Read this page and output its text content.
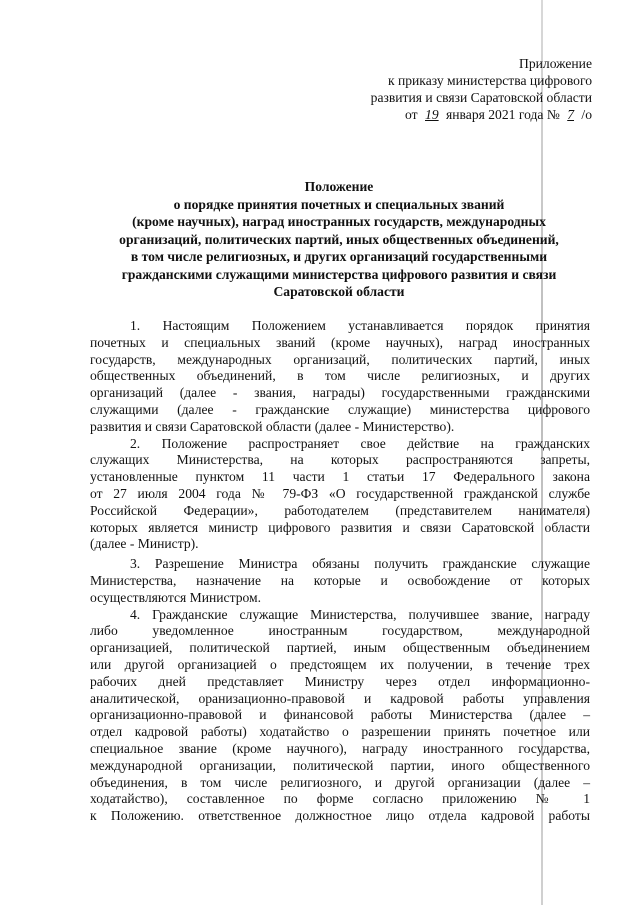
Приложение
к приказу министерства цифрового
развития и связи Саратовской области
от 19 января 2021 года № 7 /о
Положение
о порядке принятия почетных и специальных званий
(кроме научных), наград иностранных государств, международных
организаций, политических партий, иных общественных объединений,
в том числе религиозных, и других организаций государственными
гражданскими служащими министерства цифрового развития и связи
Саратовской области
1. Настоящим Положением устанавливается порядок принятия
почетных и специальных званий (кроме научных), наград иностранных
государств, международных организаций, политических партий, иных
общественных объединений, в том числе религиозных, и других
организаций (далее - звания, награды) государственными гражданскими
служащими (далее - гражданские служащие) министерства цифрового
развития и связи Саратовской области (далее - Министерство).
2. Положение распространяет свое действие на гражданских
служащих Министерства, на которых распространяются запреты,
установленные пунктом 11 части 1 статьи 17 Федерального закона
от 27 июля 2004 года № 79-ФЗ «О государственной гражданской службе
Российской Федерации», работодателем (представителем нанимателя)
которых является министр цифрового развития и связи Саратовской области
(далее - Министр).
3. Разрешение Министра обязаны получить гражданские служащие
Министерства, назначение на которые и освобождение от которых
осуществляются Министром.
4. Гражданские служащие Министерства, получившее звание, награду
либо уведомленное иностранным государством, международной
организацией, политической партией, иным общественным объединением
или другой организацией о предстоящем их получении, в течение трех
рабочих дней представляет Министру через отдел информационно-
аналитической, оранизационно-правовой и кадровой работы управления
организационно-правовой и финансовой работы Министерства (далее –
отдел кадровой работы) ходатайство о разрешении принять почетное или
специальное звание (кроме научного), награду иностранного государства,
международной организации, политической партии, иного общественного
объединения, в том числе религиозного, и другой организации (далее –
ходатайство), составленное по форме согласно приложению № 1
к Положению. ответственное должностное лицо отдела кадровой работы
